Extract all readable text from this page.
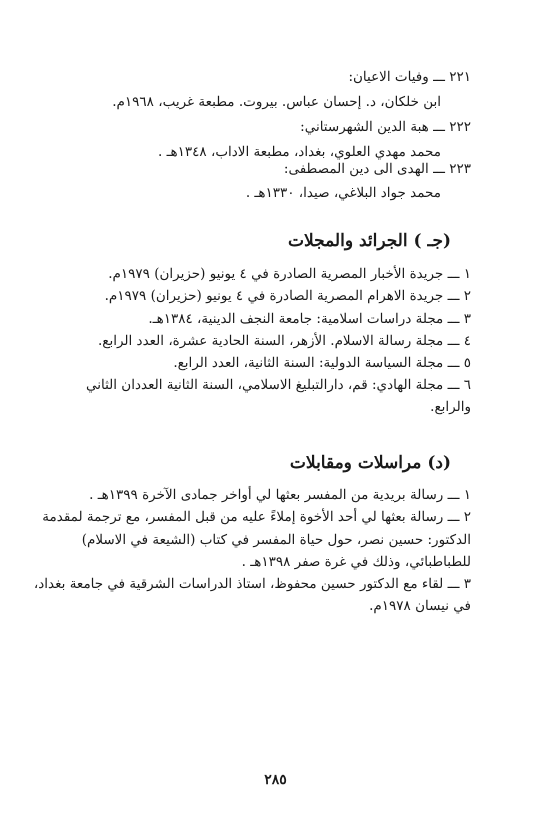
٢٢١ ـــ وفيات الاعيان:
ابن خلكان، د. إحسان عباس. بيروت. مطبعة غريب، ١٩٦٨م.
٢٢٢ ـــ هبة الدين الشهرستاني:
محمد مهدي العلوي، بغداد، مطبعة الاداب، ١٣٤٨هـ .
٢٢٣ ـــ الهدى الى دين المصطفى:
محمد جواد البلاغي، صيدا، ١٣٣٠هـ .
(جـ ) الجرائد والمجلات
١ ـــ جريدة الأخبار المصرية الصادرة في ٤ يونيو (حزيران) ١٩٧٩م.
٢ ـــ جريدة الاهرام المصرية الصادرة في ٤ يونيو (حزيران) ١٩٧٩م.
٣ ـــ مجلة دراسات اسلامية: جامعة النجف الدينية، ١٣٨٤هـ.
٤ ـــ مجلة رسالة الاسلام. الأزهر، السنة الحادية عشرة، العدد الرابع.
٥ ـــ مجلة السياسة الدولية: السنة الثانية، العدد الرابع.
٦ ـــ مجلة الهادي: قم، دارالتبليغ الاسلامي، السنة الثانية العددان الثاني
والرابع.
(د) مراسلات ومقابلات
١ ـــ رسالة بريدية من المفسر بعثها لي أواخر جمادى الآخرة ١٣٩٩هـ .
٢ ـــ رسالة بعثها لي أحد الأخوة إملاءً عليه من قبل المفسر، مع ترجمة لمقدمة
الدكتور: حسين نصر، حول حياة المفسر في كتاب (الشيعة في الاسلام)
للطباطبائي، وذلك في غرة صفر ١٣٩٨هـ .
٣ ـــ لقاء مع الدكتور حسين محفوظ، استاذ الدراسات الشرقية في جامعة بغداد،
في نيسان ١٩٧٨م.
٢٨٥
